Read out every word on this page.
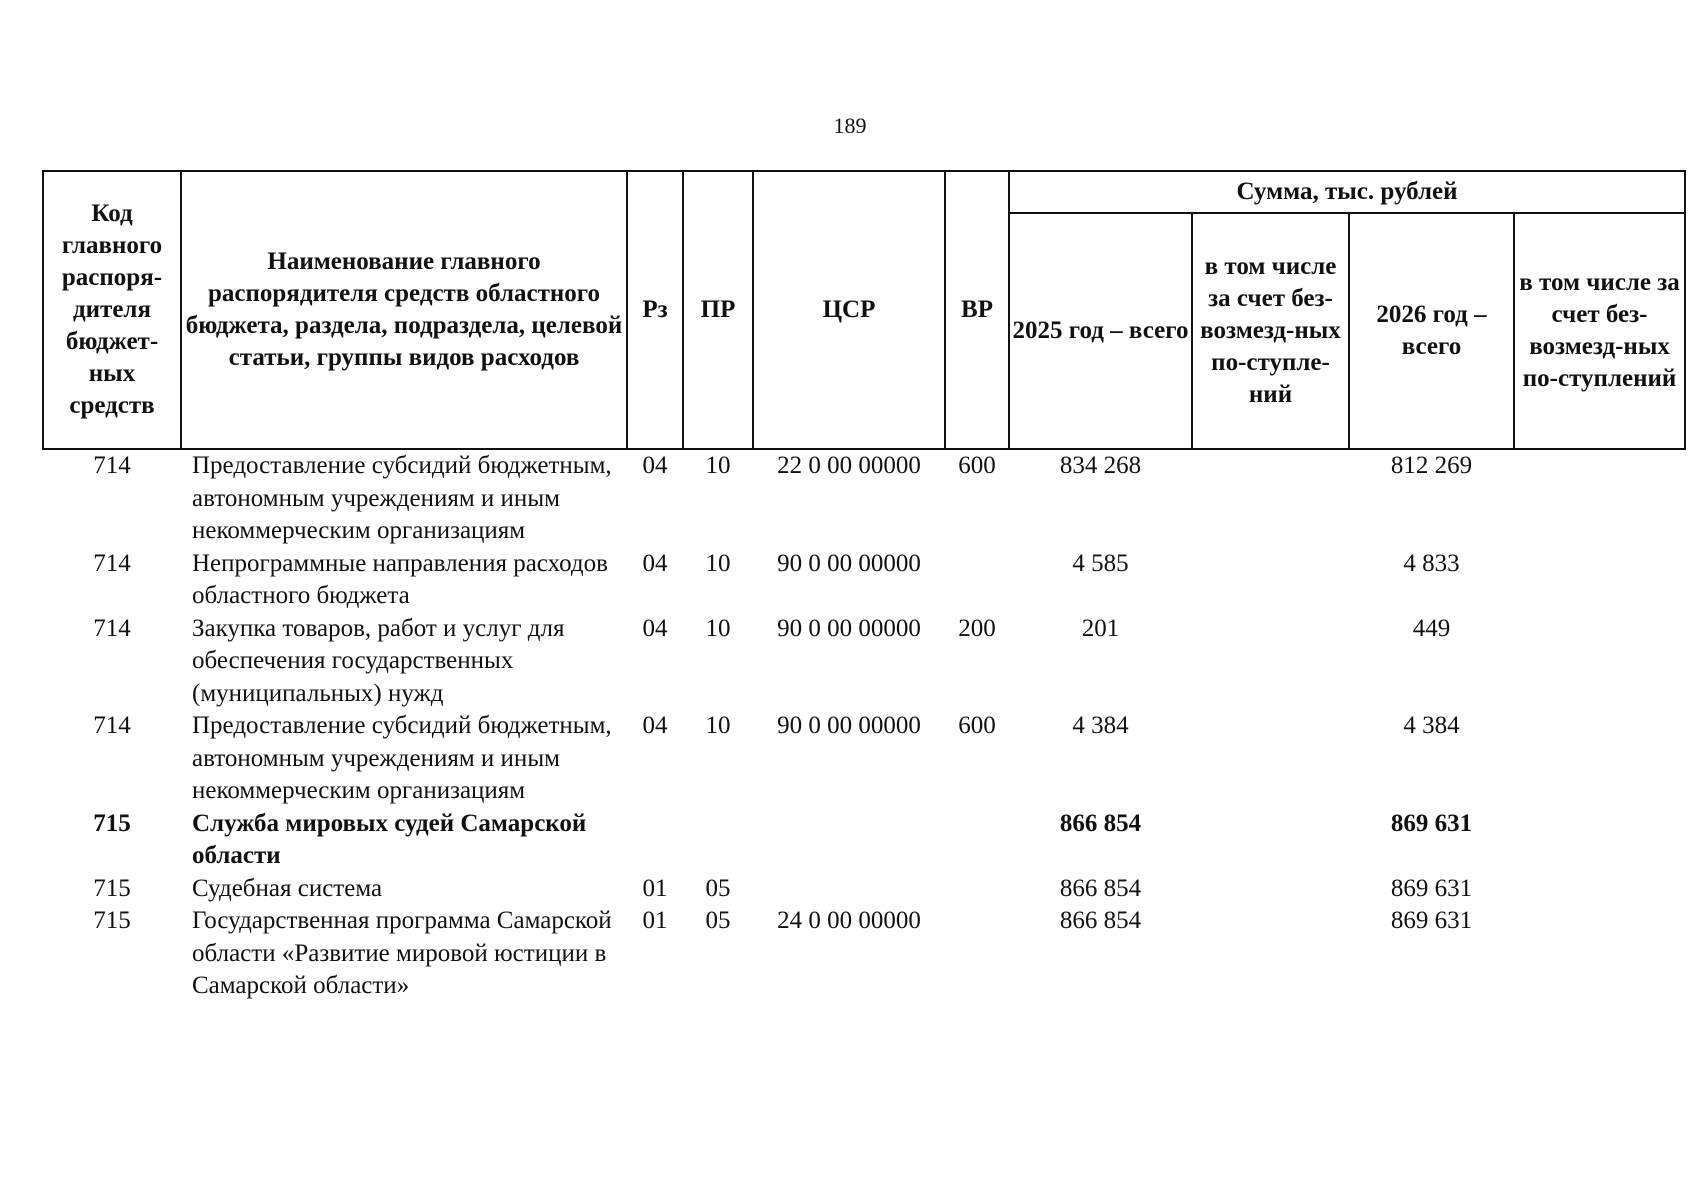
189
Код главного распоря-дителя бюджет-ных средств	Наименование главного распорядителя средств областного бюджета, раздела, подраздела, целевой статьи, группы видов расходов	Рз	ПР	ЦСР	ВР	Сумма, тыс. рублей			
						2025 год – всего	в том числе за счет без-возмезд-ных по-ступле-ний	2026 год – всего	в том числе за счет без-возмезд-ных по-ступлений
714	Предоставление субсидий бюджетным, автономным учреждениям и иным некоммерческим организациям	04	10	22 0 00 00000	600	834 268		812 269	
714	Непрограммные направления расходов областного бюджета	04	10	90 0 00 00000		4 585		4 833	
714	Закупка товаров, работ и услуг для обеспечения государственных (муниципальных) нужд	04	10	90 0 00 00000	200	201		449	
714	Предоставление субсидий бюджетным, автономным учреждениям и иным некоммерческим организациям	04	10	90 0 00 00000	600	4 384		4 384	
715	Служба мировых судей Самарской области					866 854		869 631	
715	Судебная система	01	05			866 854		869 631	
715	Государственная программа Самарской области «Развитие мировой юстиции в Самарской области»	01	05	24 0 00 00000		866 854		869 631	
